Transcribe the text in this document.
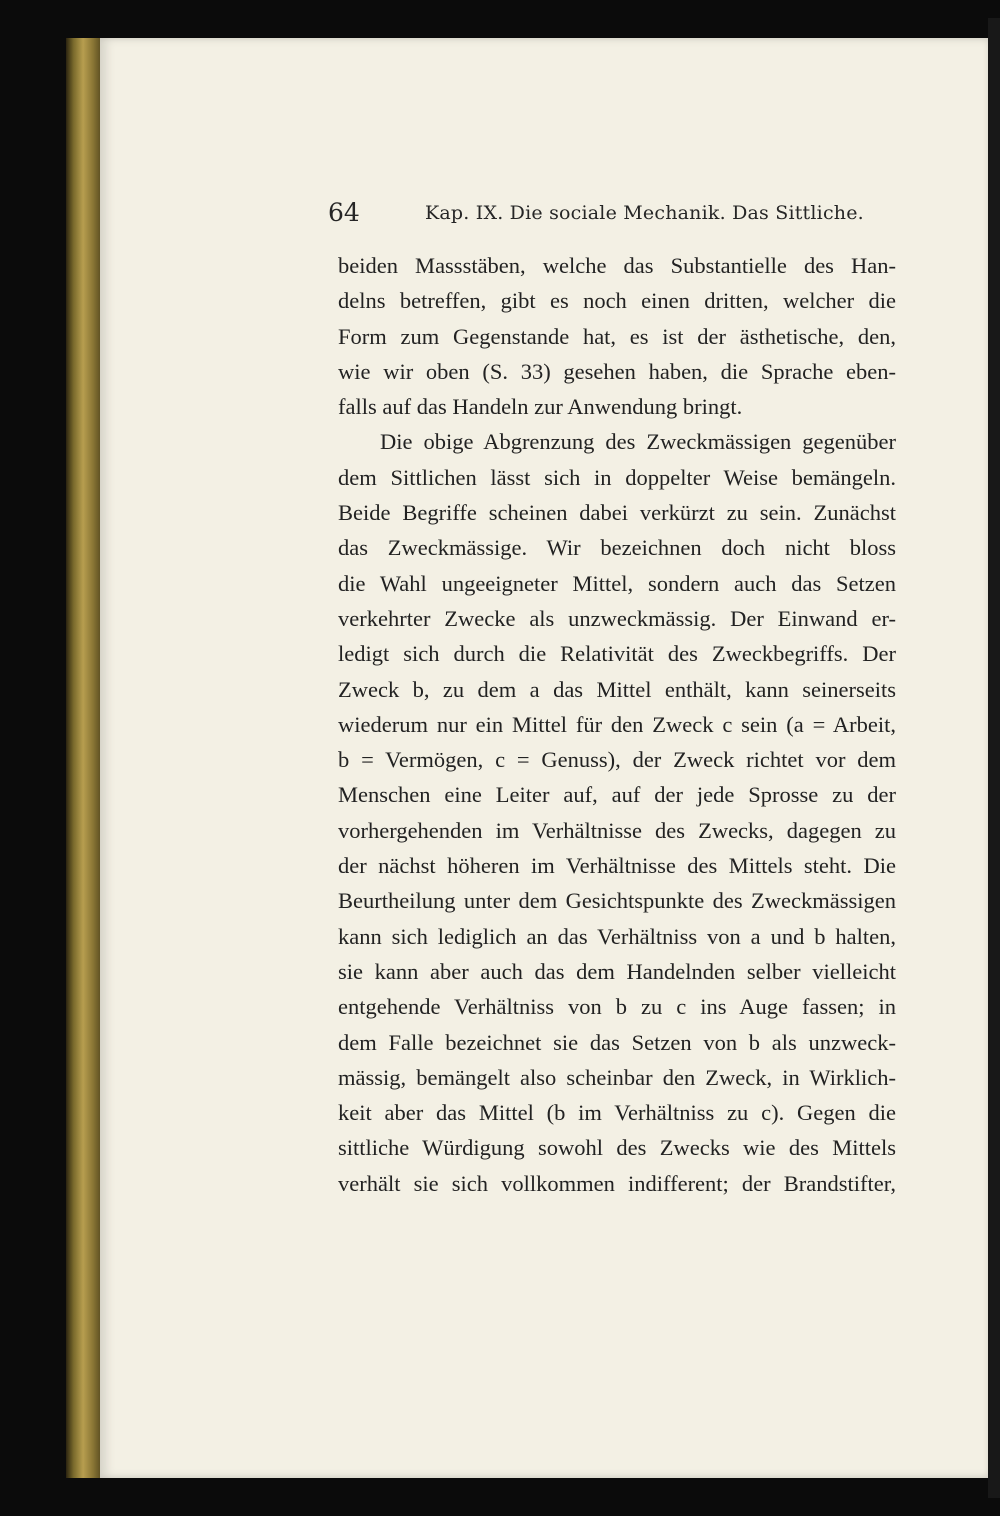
64	Kap. IX. Die sociale Mechanik. Das Sittliche.
beiden Massstäben, welche das Substantielle des Han-
delns betreffen, gibt es noch einen dritten, welcher die
Form zum Gegenstande hat, es ist der ästhetische, den,
wie wir oben (S. 33) gesehen haben, die Sprache eben-
falls auf das Handeln zur Anwendung bringt.
Die obige Abgrenzung des Zweckmässigen gegenüber
dem Sittlichen lässt sich in doppelter Weise bemängeln.
Beide Begriffe scheinen dabei verkürzt zu sein. Zunächst
das Zweckmässige. Wir bezeichnen doch nicht bloss
die Wahl ungeeigneter Mittel, sondern auch das Setzen
verkehrter Zwecke als unzweckmässig. Der Einwand er-
ledigt sich durch die Relativität des Zweckbegriffs. Der
Zweck b, zu dem a das Mittel enthält, kann seinerseits
wiederum nur ein Mittel für den Zweck c sein (a = Arbeit,
b = Vermögen, c = Genuss), der Zweck richtet vor dem
Menschen eine Leiter auf, auf der jede Sprosse zu der
vorhergehenden im Verhältnisse des Zwecks, dagegen zu
der nächst höheren im Verhältnisse des Mittels steht. Die
Beurtheilung unter dem Gesichtspunkte des Zweckmässigen
kann sich lediglich an das Verhältniss von a und b halten,
sie kann aber auch das dem Handelnden selber vielleicht
entgehende Verhältniss von b zu c ins Auge fassen; in
dem Falle bezeichnet sie das Setzen von b als unzweck-
mässig, bemängelt also scheinbar den Zweck, in Wirklich-
keit aber das Mittel (b im Verhältniss zu c). Gegen die
sittliche Würdigung sowohl des Zwecks wie des Mittels
verhält sie sich vollkommen indifferent; der Brandstifter,
